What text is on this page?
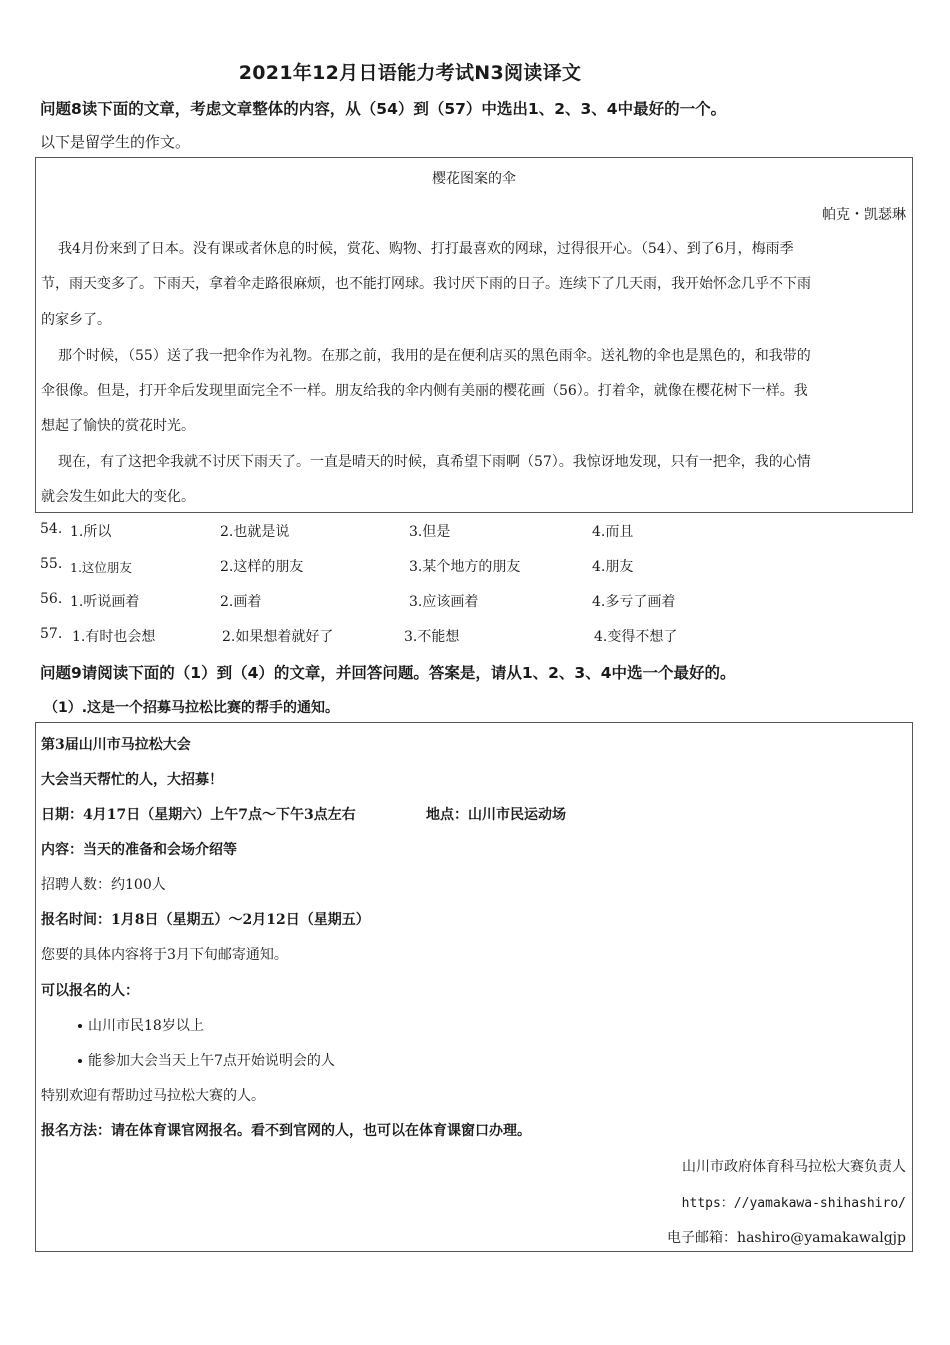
2021年12月日语能力考试N3阅读译文
问题8读下面的文章，考虑文章整体的内容，从（54）到（57）中选出1、2、3、4中最好的一个。
以下是留学生的作文。
樱花图案的伞
帕克・凯瑟琳
我4月份来到了日本。没有课或者休息的时候，赏花、购物、打打最喜欢的网球，过得很开心。（54）、到了6月，梅雨季
节，雨天变多了。下雨天，拿着伞走路很麻烦，也不能打网球。我讨厌下雨的日子。连续下了几天雨，我开始怀念几乎不下雨
的家乡了。
那个时候，（55）送了我一把伞作为礼物。在那之前，我用的是在便利店买的黑色雨伞。送礼物的伞也是黑色的，和我带的
伞很像。但是，打开伞后发现里面完全不一样。朋友给我的伞内侧有美丽的樱花画（56）。打着伞，就像在樱花树下一样。我
想起了愉快的赏花时光。
现在，有了这把伞我就不讨厌下雨天了。一直是晴天的时候，真希望下雨啊（57）。我惊讶地发现，只有一把伞，我的心情
就会发生如此大的变化。
54. 1.所以	2.也就是说	3.但是	4.而且
55. 1.这位朋友	2.这样的朋友	3.某个地方的朋友	4.朋友
56. 1.听说画着	2.画着	3.应该画着	4.多亏了画着
57. 1.有时也会想	2.如果想着就好了	3.不能想	4.变得不想了
问题9请阅读下面的（1）到（4）的文章，并回答问题。答案是，请从1、2、3、4中选一个最好的。
（1）.这是一个招募马拉松比赛的帮手的通知。
第3届山川市马拉松大会
大会当天帮忙的人，大招募！
日期：4月17日（星期六）上午7点～下午3点左右	地点：山川市民运动场
内容：当天的准备和会场介绍等
招聘人数：约100人
报名时间：1月8日（星期五）～2月12日（星期五）
您要的具体内容将于3月下旬邮寄通知。
可以报名的人：
山川市民18岁以上
能参加大会当天上午7点开始说明会的人
特别欢迎有帮助过马拉松大赛的人。
报名方法：请在体育课官网报名。看不到官网的人，也可以在体育课窗口办理。
山川市政府体育科马拉松大赛负责人
https：//yamakawa-shihashiro/
电子邮箱：hashiro@yamakawalgjp
